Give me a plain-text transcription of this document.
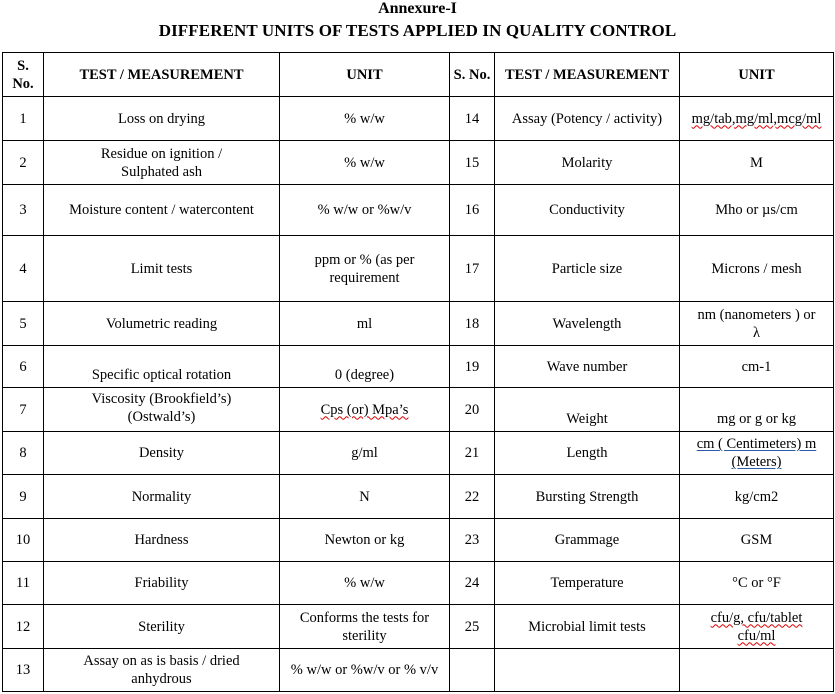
Annexure-I
DIFFERENT UNITS OF TESTS APPLIED IN QUALITY CONTROL
S. No.	TEST / MEASUREMENT	UNIT	S. No.	TEST / MEASUREMENT	UNIT
1	Loss on drying	% w/w	14	Assay (Potency / activity)	mg/tab,mg/ml,mcg/ml
2	Residue on ignition / Sulphated ash	% w/w	15	Molarity	M
3	Moisture content / watercontent	% w/w or %w/v	16	Conductivity	Mho or µs/cm
4	Limit tests	ppm or % (as per requirement	17	Particle size	Microns / mesh
5	Volumetric reading	ml	18	Wavelength	nm (nanometers ) or λ
6	Specific optical rotation	0 (degree)	19	Wave number	cm-1
7	Viscosity (Brookfield’s) (Ostwald’s)	Cps (or) Mpa’s	20	Weight	mg or g or kg
8	Density	g/ml	21	Length	cm ( Centimeters) m (Meters)
9	Normality	N	22	Bursting Strength	kg/cm2
10	Hardness	Newton or kg	23	Grammage	GSM
11	Friability	% w/w	24	Temperature	°C or °F
12	Sterility	Conforms the tests for sterility	25	Microbial limit tests	cfu/g, cfu/tablet cfu/ml
13	Assay on as is basis / dried anhydrous	% w/w or %w/v or % v/v			
